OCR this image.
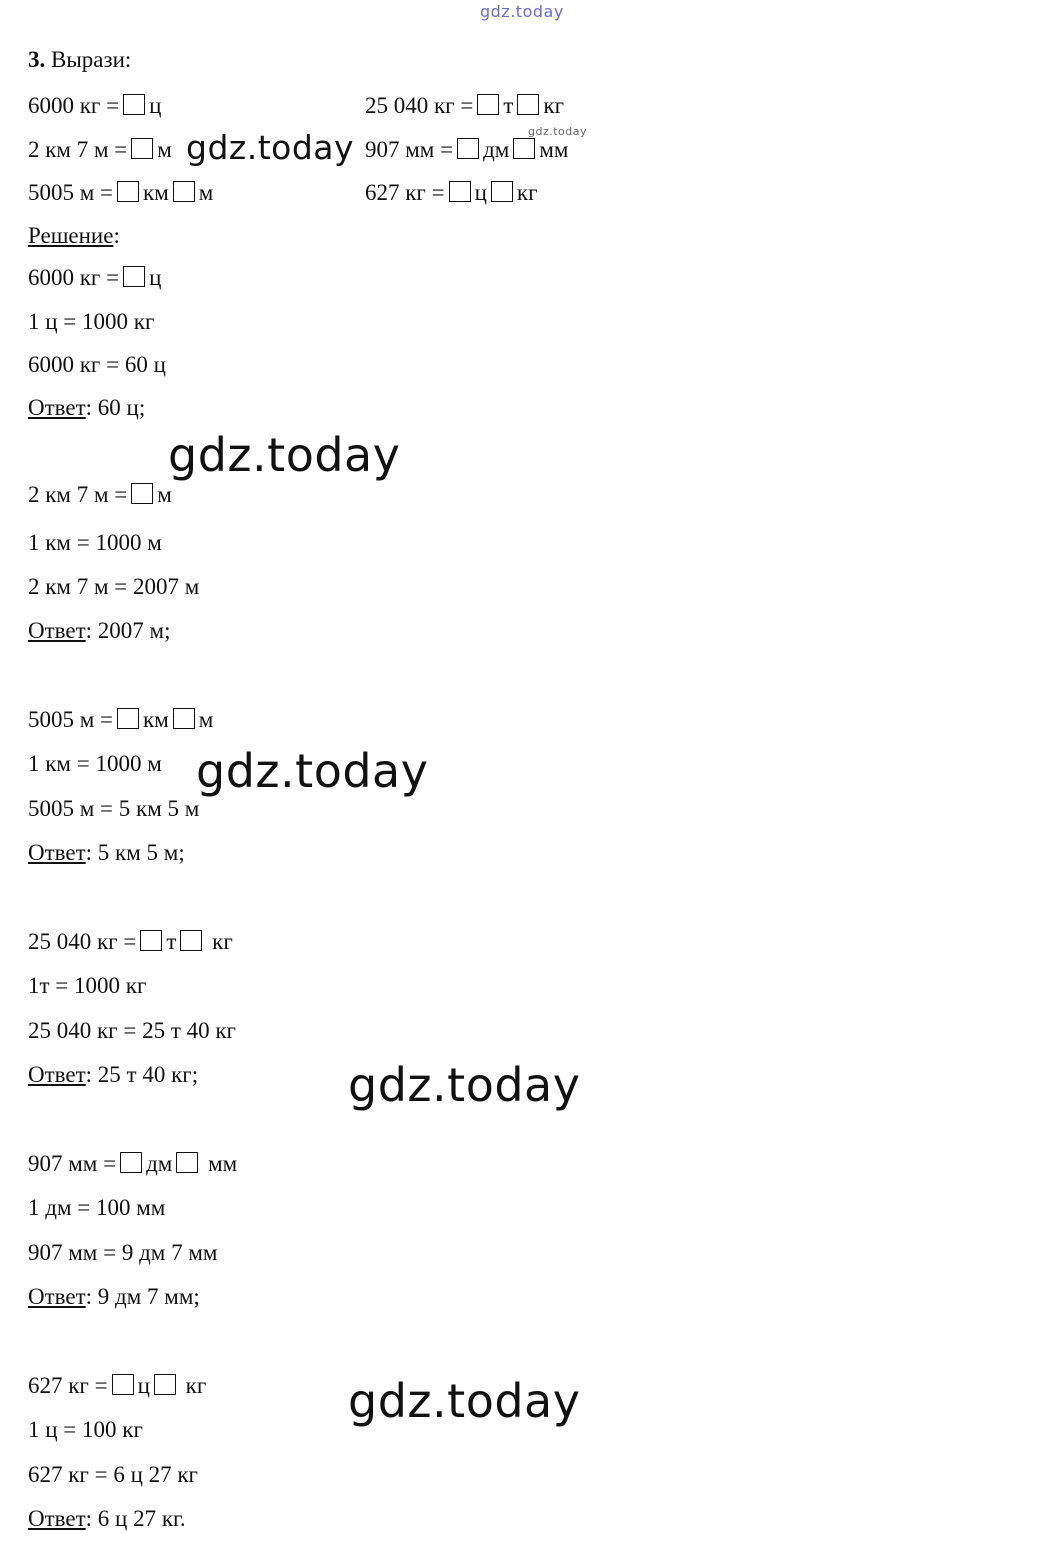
gdz.today
gdz.today
gdz.today
gdz.today
gdz.today
gdz.today
gdz.today
3. Вырази:
6000 кг = ц
2 км 7 м = м
5005 м = км м
25 040 кг = т кг
907 мм = дм мм
627 кг = ц кг
Решение:
6000 кг = ц
1 ц = 1000 кг
6000 кг = 60 ц
Ответ: 60 ц;
2 км 7 м = м
1 км = 1000 м
2 км 7 м = 2007 м
Ответ: 2007 м;
5005 м = км м
1 км = 1000 м
5005 м = 5 км 5 м
Ответ: 5 км 5 м;
25 040 кг = т кг
1т = 1000 кг
25 040 кг = 25 т 40 кг
Ответ: 25 т 40 кг;
907 мм = дм мм
1 дм = 100 мм
907 мм = 9 дм 7 мм
Ответ: 9 дм 7 мм;
627 кг = ц кг
1 ц = 100 кг
627 кг = 6 ц 27 кг
Ответ: 6 ц 27 кг.
